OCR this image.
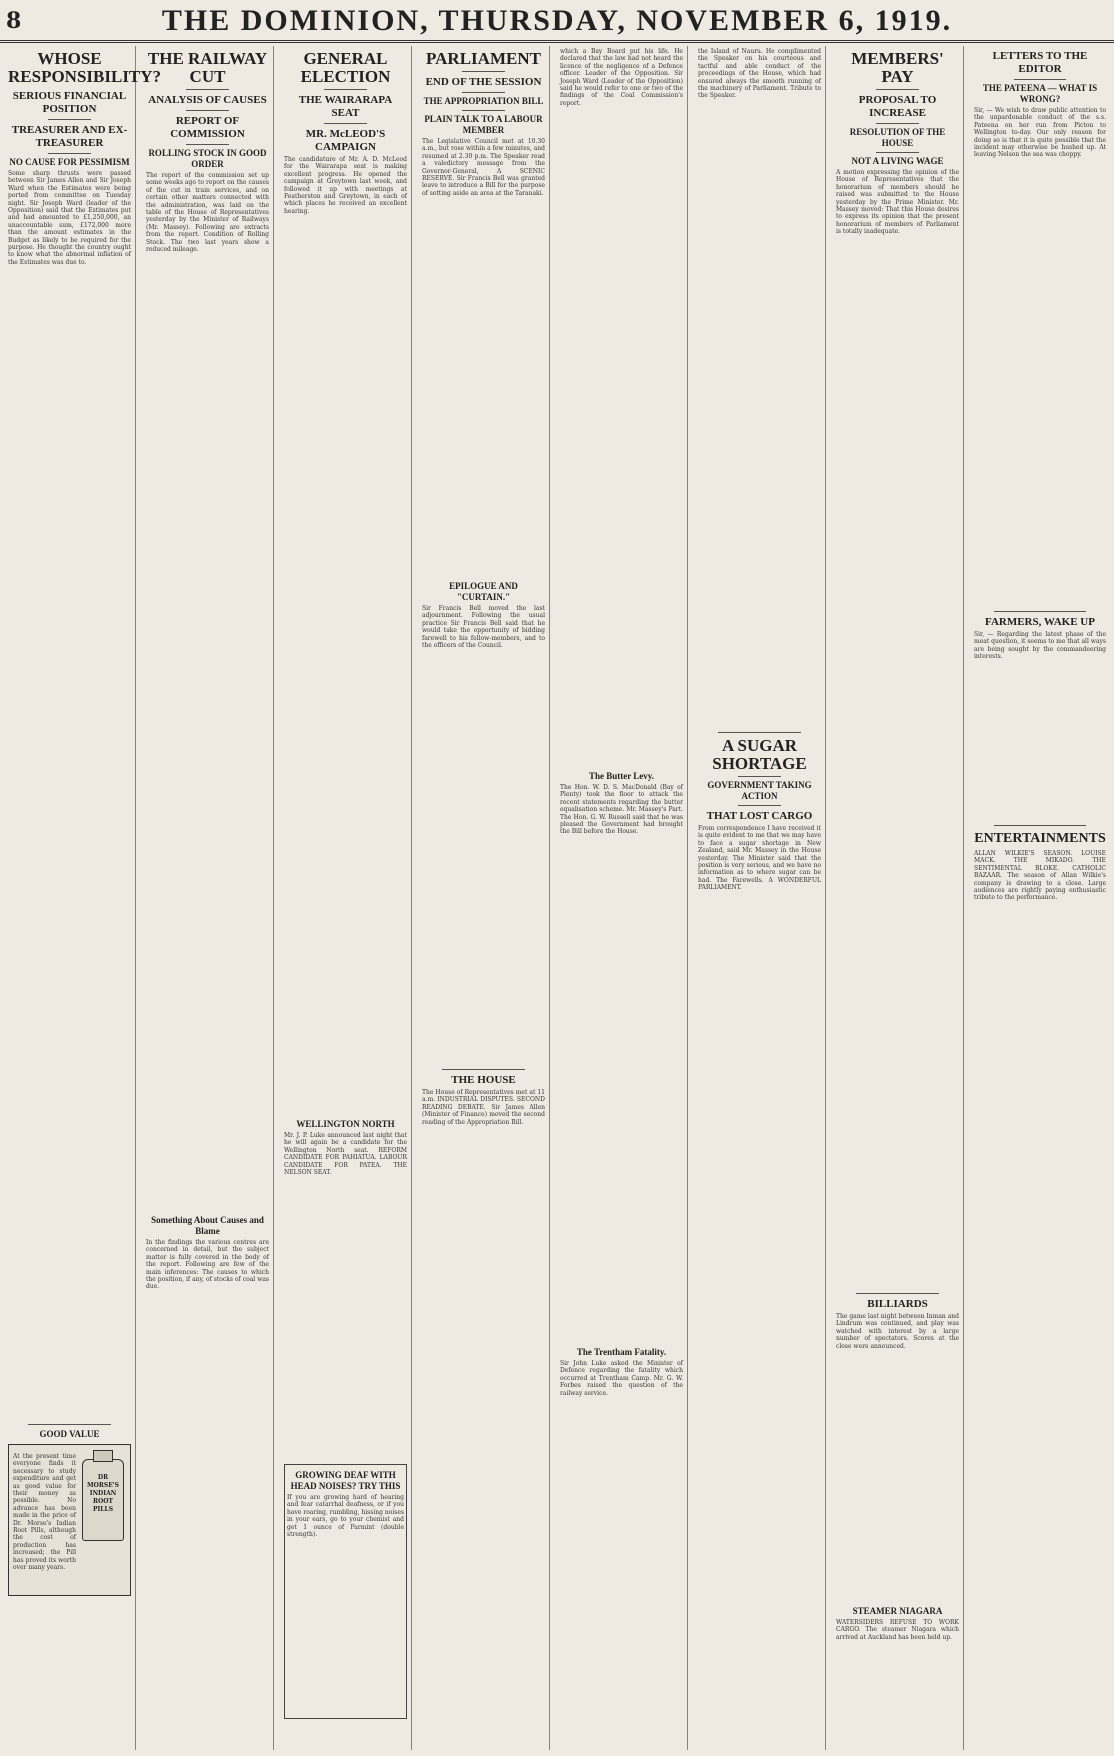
8	THE DOMINION, THURSDAY, NOVEMBER 6, 1919.
WHOSE RESPONSIBILITY?
SERIOUS FINANCIAL POSITION
TREASURER AND EX-TREASURER
NO CAUSE FOR PESSIMISM
Some sharp thrusts were passed between Sir James Allen and Sir Joseph Ward when the Estimates were being ported from committee on Tuesday night. Sir Joseph Ward (leader of the Opposition) said that the Estimates put and had amounted to £1,250,000, an unaccountable sum, £172,000 more than the amount estimates in the Budget as likely to be required for the purpose. He thought the country ought to know what the abnormal inflation of the Estimates was due to.
GOOD VALUE
At the present time everyone finds it necessary to study expenditure and get as good value for their money as possible. No advance has been made in the price of Dr. Morse's Indian Root Pills, although the cost of production has increased; the Pill has proved its worth over many years.
DR MORSE'S INDIAN ROOT PILLS
THE RAILWAY CUT
ANALYSIS OF CAUSES
REPORT OF COMMISSION
ROLLING STOCK IN GOOD ORDER
The report of the commission set up some weeks ago to report on the causes of the cut in train services, and on certain other matters connected with the administration, was laid on the table of the House of Representatives yesterday by the Minister of Railways (Mr. Massey). Following are extracts from the report. Condition of Rolling Stock. The two last years show a reduced mileage.
Something About Causes and Blame
In the findings the various centres are concerned in detail, but the subject matter is fully covered in the body of the report. Following are few of the main inferences: The causes to which the position, if any, of stocks of coal was due.
GENERAL ELECTION
THE WAIRARAPA SEAT
MR. McLEOD'S CAMPAIGN
The candidature of Mr. A. D. McLeod for the Wairarapa seat is making excellent progress. He opened the campaign at Greytown last week, and followed it up with meetings at Featherston and Greytown, in each of which places he received an excellent hearing.
WELLINGTON NORTH
Mr. J. P. Luke announced last night that he will again be a candidate for the Wellington North seat. REFORM CANDIDATE FOR PAHIATUA. LABOUR CANDIDATE FOR PATEA. THE NELSON SEAT.
GROWING DEAF WITH HEAD NOISES? TRY THIS
If you are growing hard of hearing and fear catarrhal deafness, or if you have roaring, rumbling, hissing noises in your ears, go to your chemist and get 1 ounce of Parmint (double strength).
PARLIAMENT
END OF THE SESSION
THE APPROPRIATION BILL
PLAIN TALK TO A LABOUR MEMBER
The Legislative Council met at 10.30 a.m., but rose within a few minutes, and resumed at 2.30 p.m. The Speaker read a valedictory message from the Governor-General, A SCENIC RESERVE. Sir Francis Bell was granted leave to introduce a Bill for the purpose of setting aside an area at the Taranaki.
EPILOGUE AND "CURTAIN."
Sir Francis Bell moved the last adjournment. Following the usual practice Sir Francis Bell said that he would take the opportunity of bidding farewell to his fellow-members, and to the officers of the Council.
THE HOUSE
The House of Representatives met at 11 a.m. INDUSTRIAL DISPUTES. SECOND READING DEBATE. Sir James Allen (Minister of Finance) moved the second reading of the Appropriation Bill.
which a Bay Board put his life. He declared that the law had not heard the licence of the negligence of a Defence officer. Leader of the Opposition. Sir Joseph Ward (Leader of the Opposition) said he would refer to one or two of the findings of the Coal Commission's report.
The Butter Levy.
The Hon. W. D. S. MacDonald (Bay of Plenty) took the floor to attack the recent statements regarding the butter equalisation scheme. Mr. Massey's Part. The Hon. G. W. Russell said that he was pleased the Government had brought the Bill before the House.
The Trentham Fatality.
Sir John Luke asked the Minister of Defence regarding the fatality which occurred at Trentham Camp. Mr. G. W. Forbes raised the question of the railway service.
the Island of Nauru. He complimented the Speaker on his courteous and tactful and able conduct of the proceedings of the House, which had ensured always the smooth running of the machinery of Parliament. Tribute to the Speaker.
A SUGAR SHORTAGE
GOVERNMENT TAKING ACTION
THAT LOST CARGO
From correspondence I have received it is quite evident to me that we may have to face a sugar shortage in New Zealand, said Mr. Massey in the House yesterday. The Minister said that the position is very serious, and we have no information as to where sugar can be had. The Farewells. A WONDERFUL PARLIAMENT.
MEMBERS' PAY
PROPOSAL TO INCREASE
RESOLUTION OF THE HOUSE
NOT A LIVING WAGE
A motion expressing the opinion of the House of Representatives that the honorarium of members should be raised was submitted to the House yesterday by the Prime Minister. Mr. Massey moved: That this House desires to express its opinion that the present honorarium of members of Parliament is totally inadequate.
BILLIARDS
The game last night between Inman and Lindrum was continued, and play was watched with interest by a large number of spectators. Scores at the close were announced.
STEAMER NIAGARA
WATERSIDERS REFUSE TO WORK CARGO. The steamer Niagara which arrived at Auckland has been held up.
LETTERS TO THE EDITOR
THE PATEENA — WHAT IS WRONG?
Sir, — We wish to draw public attention to the unpardonable conduct of the s.s. Pateena on her run from Picton to Wellington to-day. Our only reason for doing so is that it is quite possible that the incident may otherwise be hushed up. At leaving Nelson the sea was choppy.
FARMERS, WAKE UP
Sir, — Regarding the latest phase of the meat question, it seems to me that all ways are being sought by the commandeering interests.
ENTERTAINMENTS
ALLAN WILKIE'S SEASON. LOUISE MACK. THE MIKADO. THE SENTIMENTAL BLOKE. CATHOLIC BAZAAR. The season of Allan Wilkie's company is drawing to a close. Large audiences are rightly paying enthusiastic tribute to the performance.
